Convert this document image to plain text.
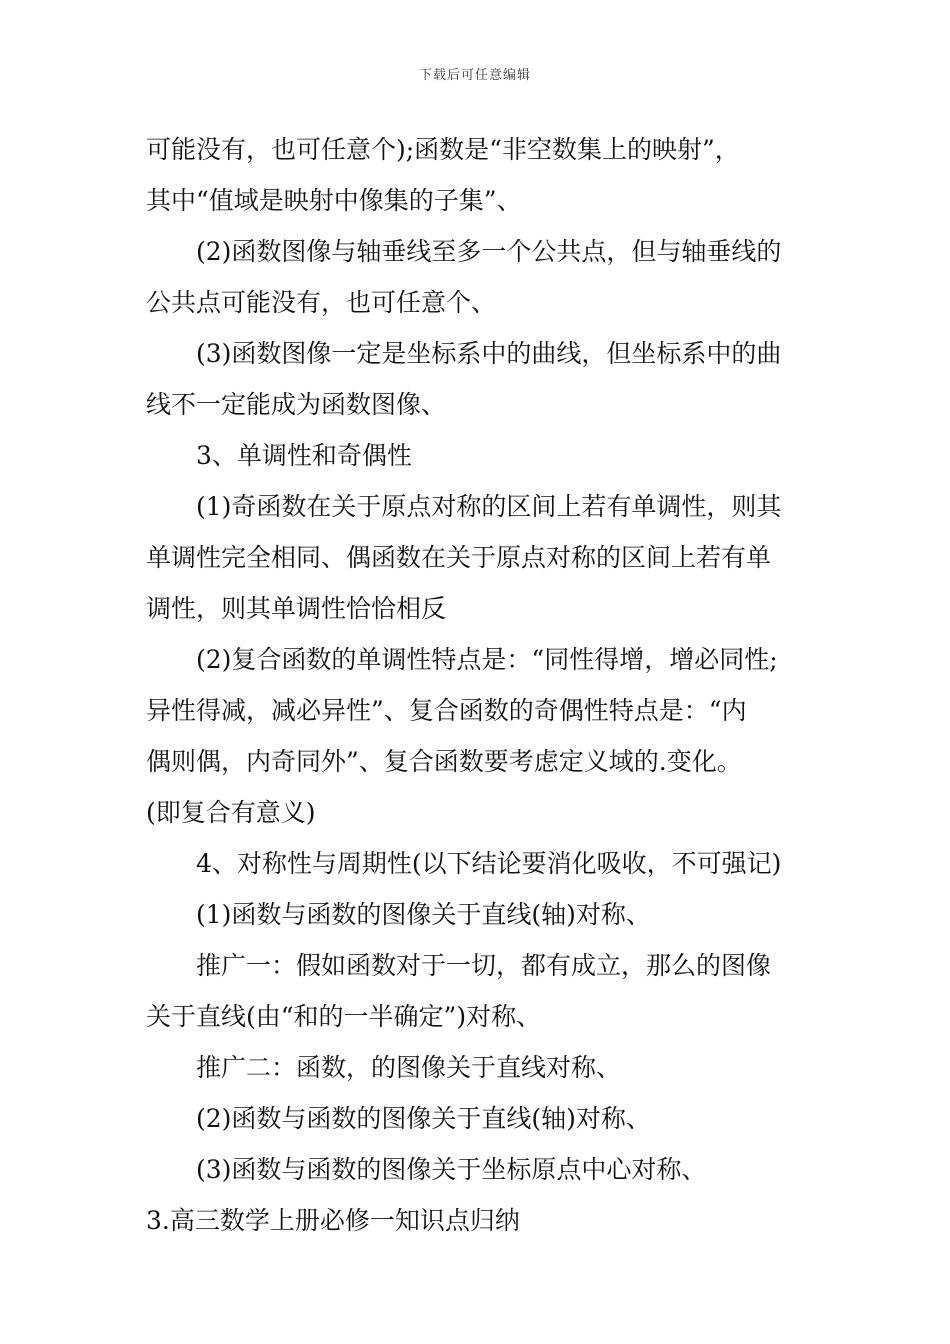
下载后可任意编辑
可能没有，也可任意个);函数是“非空数集上的映射”，
其中“值域是映射中像集的子集”、
(2)函数图像与轴垂线至多一个公共点，但与轴垂线的
公共点可能没有，也可任意个、
(3)函数图像一定是坐标系中的曲线，但坐标系中的曲
线不一定能成为函数图像、
3、单调性和奇偶性
(1)奇函数在关于原点对称的区间上若有单调性，则其
单调性完全相同、偶函数在关于原点对称的区间上若有单
调性，则其单调性恰恰相反
(2)复合函数的单调性特点是：“同性得增，增必同性;
异性得减，减必异性”、复合函数的奇偶性特点是：“内
偶则偶，内奇同外”、复合函数要考虑定义域的.变化。
(即复合有意义)
4、对称性与周期性(以下结论要消化吸收，不可强记)
(1)函数与函数的图像关于直线(轴)对称、
推广一：假如函数对于一切，都有成立，那么的图像
关于直线(由“和的一半确定”)对称、
推广二：函数，的图像关于直线对称、
(2)函数与函数的图像关于直线(轴)对称、
(3)函数与函数的图像关于坐标原点中心对称、
3.高三数学上册必修一知识点归纳
